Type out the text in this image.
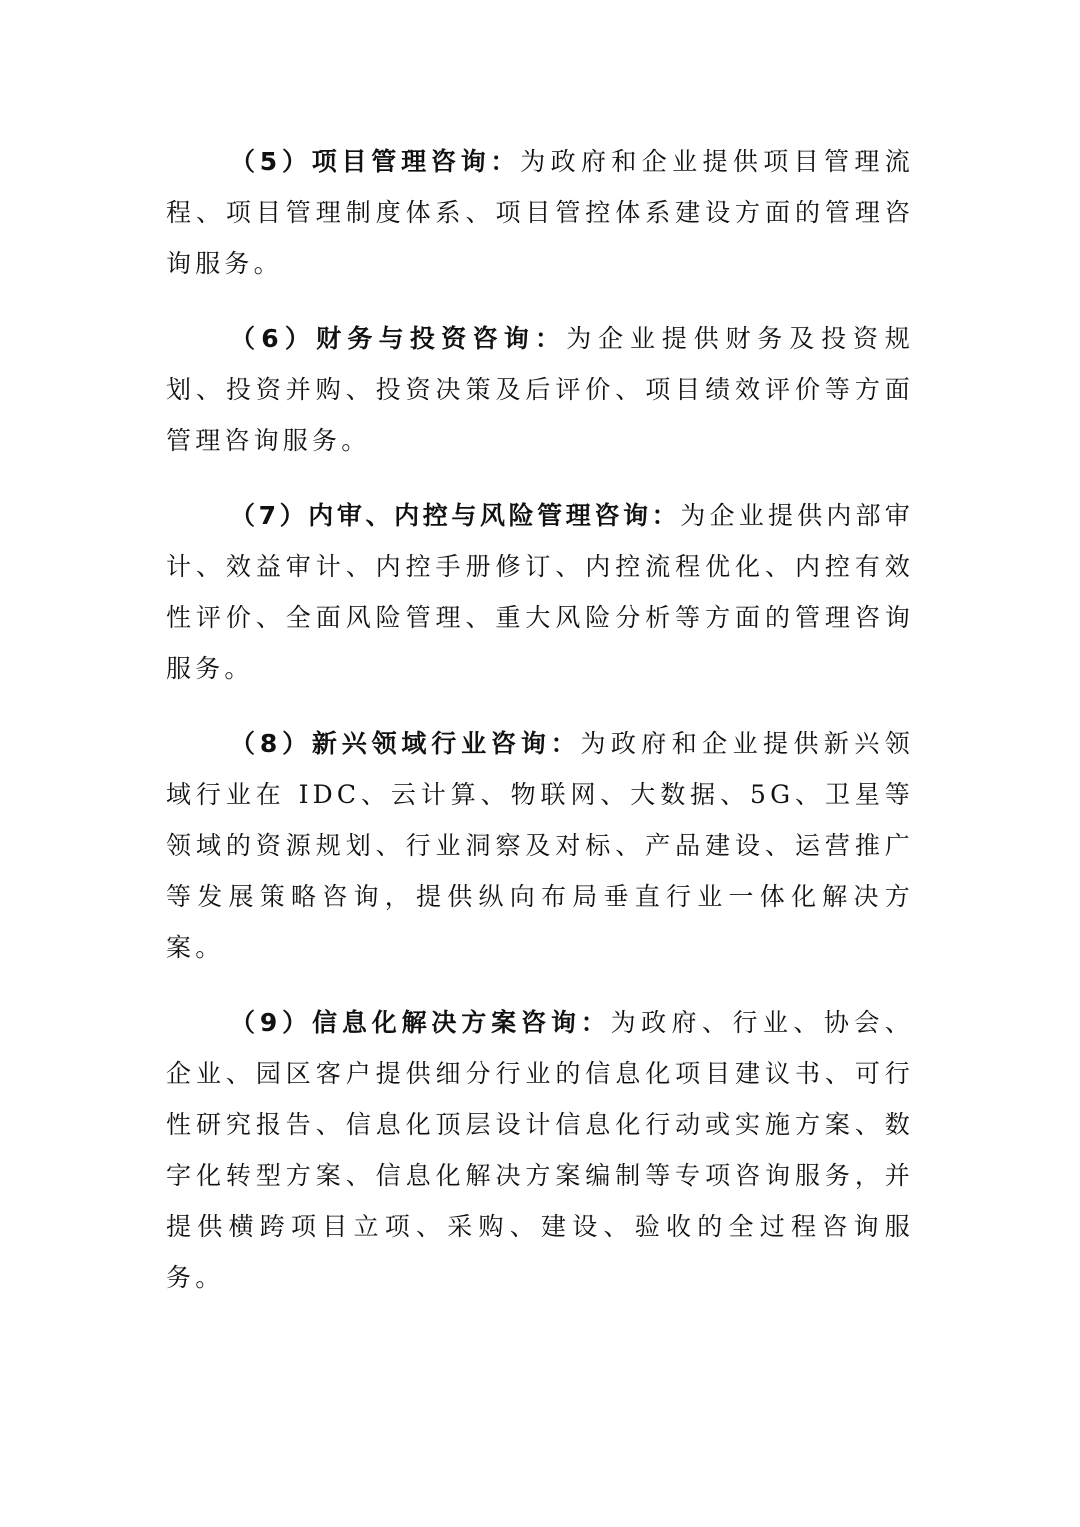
（5）项目管理咨询：为政府和企业提供项目管理流程、项目管理制度体系、项目管控体系建设方面的管理咨询服务。

（6）财务与投资咨询：为企业提供财务及投资规划、投资并购、投资决策及后评价、项目绩效评价等方面管理咨询服务。

（7）内审、内控与风险管理咨询：为企业提供内部审计、效益审计、内控手册修订、内控流程优化、内控有效性评价、全面风险管理、重大风险分析等方面的管理咨询服务。

（8）新兴领域行业咨询：为政府和企业提供新兴领域行业在 IDC、云计算、物联网、大数据、5G、卫星等领域的资源规划、行业洞察及对标、产品建设、运营推广等发展策略咨询，提供纵向布局垂直行业一体化解决方案。

（9）信息化解决方案咨询：为政府、行业、协会、企业、园区客户提供细分行业的信息化项目建议书、可行性研究报告、信息化顶层设计信息化行动或实施方案、数字化转型方案、信息化解决方案编制等专项咨询服务，并提供横跨项目立项、采购、建设、验收的全过程咨询服务。
